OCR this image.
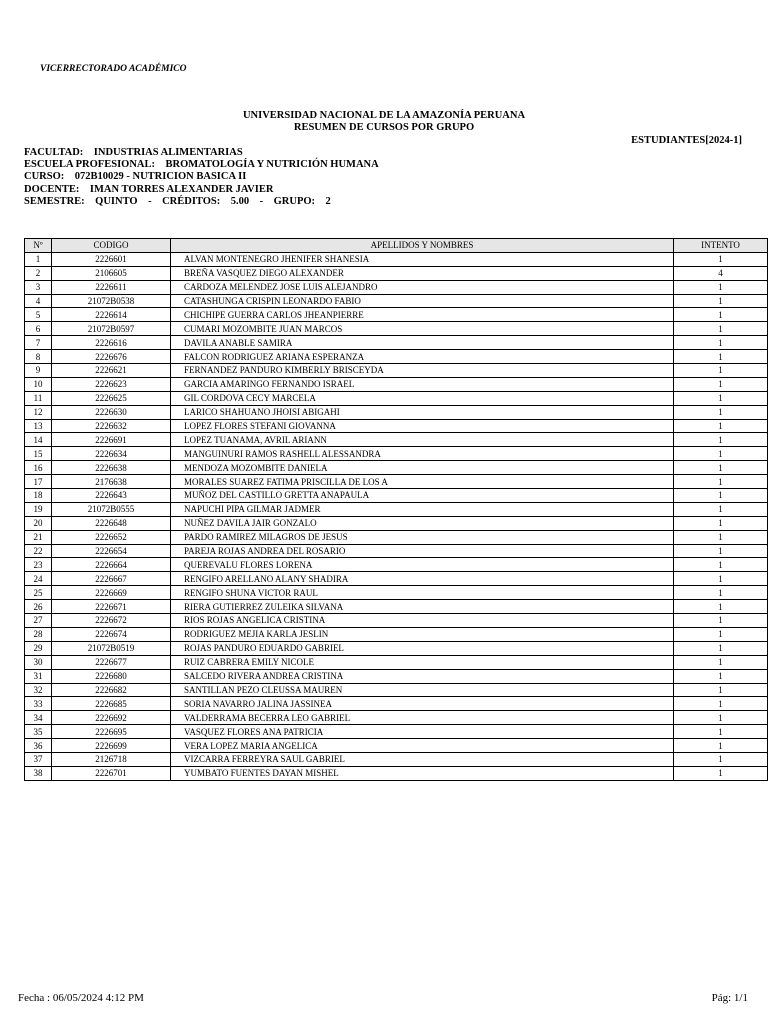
VICERRECTORADO ACADÉMICO
UNIVERSIDAD NACIONAL DE LA AMAZONÍA PERUANA
RESUMEN DE CURSOS POR GRUPO
ESTUDIANTES[2024-1]
FACULTAD:    INDUSTRIAS ALIMENTARIAS
ESCUELA PROFESIONAL:    BROMATOLOGÍA Y NUTRICIÓN HUMANA
CURSO:    072B10029 - NUTRICION BASICA II
DOCENTE:    IMAN TORRES ALEXANDER JAVIER
SEMESTRE:    QUINTO    -    CRÉDITOS:    5.00    -    GRUPO:    2
Nº	CODIGO	APELLIDOS Y NOMBRES	INTENTO
1	2226601	ALVAN MONTENEGRO JHENIFER SHANESIA	1
2	2106605	BREÑA VASQUEZ DIEGO ALEXANDER	4
3	2226611	CARDOZA MELENDEZ JOSE LUIS ALEJANDRO	1
4	21072B0538	CATASHUNGA CRISPIN LEONARDO FABIO	1
5	2226614	CHICHIPE GUERRA CARLOS JHEANPIERRE	1
6	21072B0597	CUMARI MOZOMBITE JUAN MARCOS	1
7	2226616	DAVILA ANABLE SAMIRA	1
8	2226676	FALCON RODRIGUEZ ARIANA ESPERANZA	1
9	2226621	FERNANDEZ PANDURO KIMBERLY BRISCEYDA	1
10	2226623	GARCIA AMARINGO FERNANDO ISRAEL	1
11	2226625	GIL CORDOVA CECY MARCELA	1
12	2226630	LARICO SHAHUANO JHOISI ABIGAHI	1
13	2226632	LOPEZ FLORES STEFANI GIOVANNA	1
14	2226691	LOPEZ TUANAMA, AVRIL ARIANN	1
15	2226634	MANGUINURI RAMOS RASHELL ALESSANDRA	1
16	2226638	MENDOZA MOZOMBITE DANIELA	1
17	2176638	MORALES SUAREZ FATIMA PRISCILLA DE LOS A	1
18	2226643	MUÑOZ DEL CASTILLO GRETTA ANAPAULA	1
19	21072B0555	NAPUCHI PIPA GILMAR JADMER	1
20	2226648	NUÑEZ DAVILA JAIR GONZALO	1
21	2226652	PARDO RAMIREZ MILAGROS DE JESUS	1
22	2226654	PAREJA ROJAS ANDREA DEL ROSARIO	1
23	2226664	QUEREVALU FLORES LORENA	1
24	2226667	RENGIFO ARELLANO ALANY SHADIRA	1
25	2226669	RENGIFO SHUNA VICTOR RAUL	1
26	2226671	RIERA GUTIERREZ ZULEIKA SILVANA	1
27	2226672	RIOS ROJAS ANGELICA CRISTINA	1
28	2226674	RODRIGUEZ MEJIA KARLA JESLIN	1
29	21072B0519	ROJAS PANDURO EDUARDO GABRIEL	1
30	2226677	RUIZ CABRERA EMILY NICOLE	1
31	2226680	SALCEDO RIVERA ANDREA CRISTINA	1
32	2226682	SANTILLAN PEZO CLEUSSA MAUREN	1
33	2226685	SORIA NAVARRO JALINA JASSINEA	1
34	2226692	VALDERRAMA BECERRA LEO GABRIEL	1
35	2226695	VASQUEZ FLORES ANA PATRICIA	1
36	2226699	VERA LOPEZ MARIA ANGELICA	1
37	2126718	VIZCARRA FERREYRA SAUL GABRIEL	1
38	2226701	YUMBATO FUENTES DAYAN MISHEL	1
Fecha : 06/05/2024 4:12 PM	Pág: 1/1
